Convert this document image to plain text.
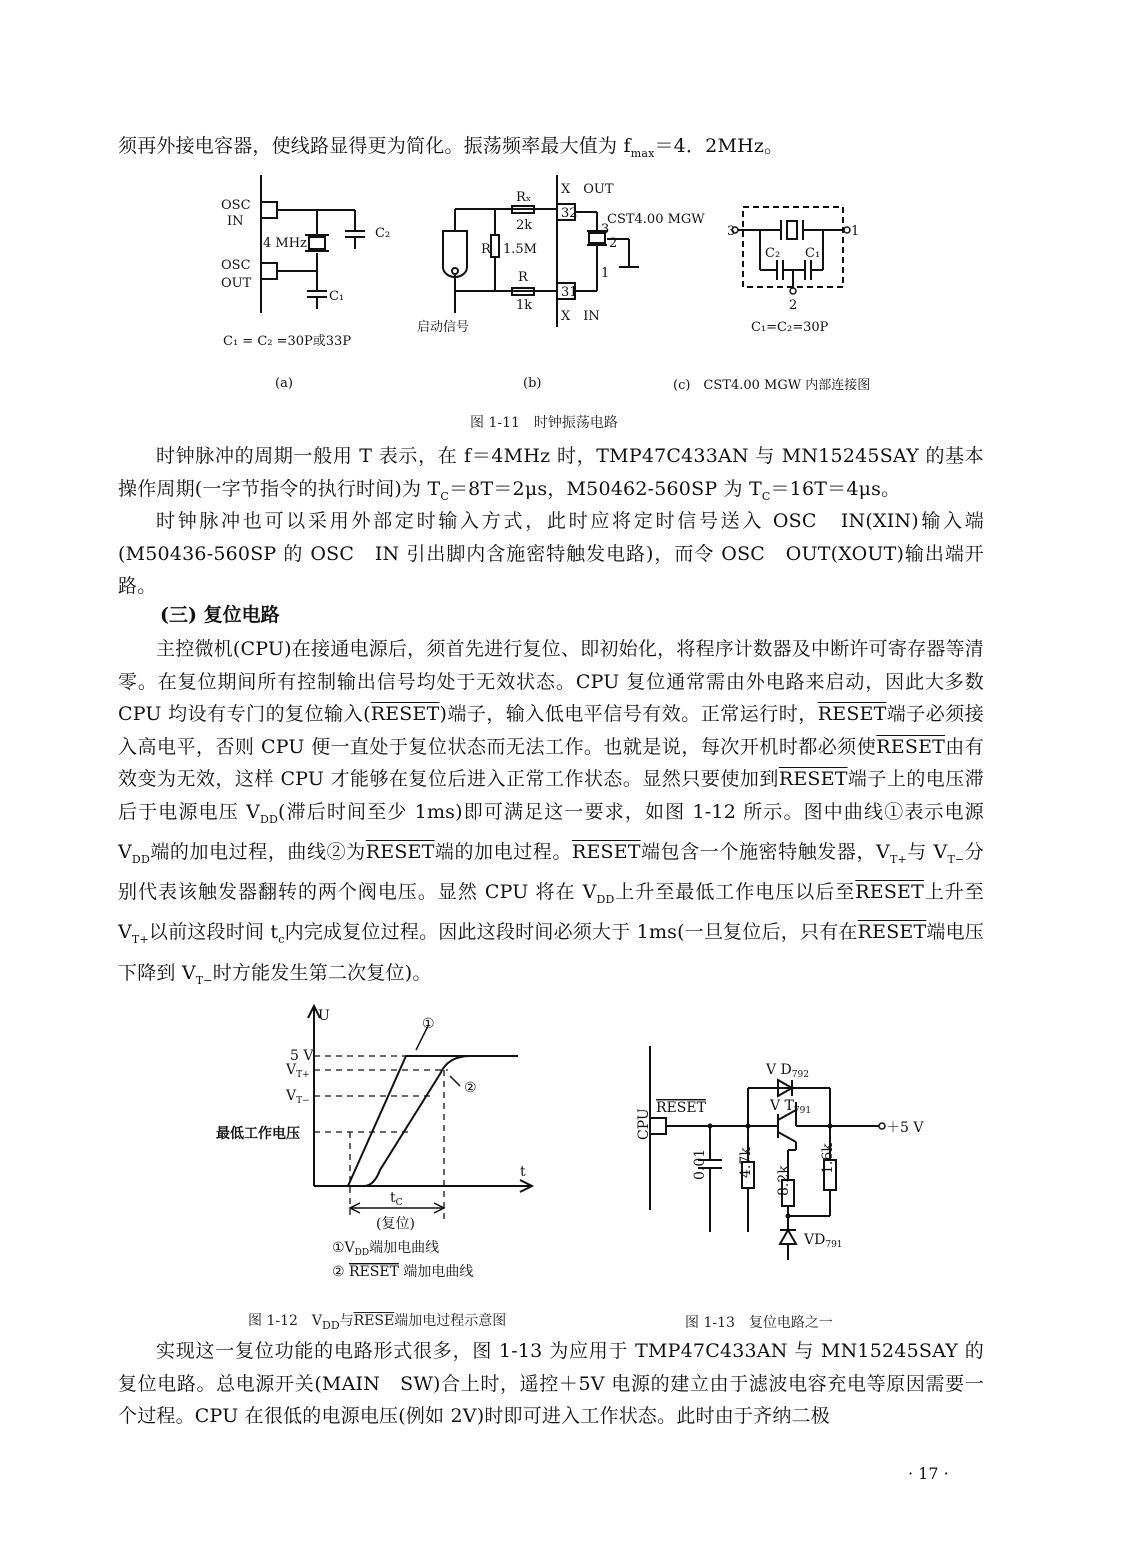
须再外接电容器，使线路显得更为简化。振荡频率最大值为 $f_{max}=4$．2MHz。

OSC
IN
OSC
OUT
4 MHz
C₂
C₁
C₁ = C₂ =30P或33P
(a)
X　OUT
X　IN
32
31
Rₓ
2k
R
1k
R 1.5M
CST4.00 MGW
3
2
1
启动信号
(b)
3	1
2
C₂ C₁
C₁=C₂=30P
(c)　CST4.00 MGW 内部连接图
图 1-11　时钟振荡电路

时钟脉冲的周期一般用 T 表示，在 f＝4MHz 时，TMP47C433AN 与 MN15245SAY 的基本操作周期(一字节指令的执行时间)为 $T_C=8T=2\mu s$，M50462-560SP 为 $T_C=16T=4\mu s$。

时钟脉冲也可以采用外部定时输入方式，此时应将定时信号送入 OSC　IN(XIN)输入端(M50436-560SP 的 OSC　IN 引出脚内含施密特触发电路)，而令 OSC　OUT(XOUT)输出端开路。

(三) 复位电路

主控微机(CPU)在接通电源后，须首先进行复位、即初始化，将程序计数器及中断许可寄存器等清零。在复位期间所有控制输出信号均处于无效状态。CPU 复位通常需由外电路来启动，因此大多数 CPU 均设有专门的复位输入(RESET)端子，输入低电平信号有效。正常运行时，RESET端子必须接入高电平，否则 CPU 便一直处于复位状态而无法工作。也就是说，每次开机时都必须使RESET由有效变为无效，这样 CPU 才能够在复位后进入正常工作状态。显然只要使加到RESET端子上的电压滞后于电源电压 $V_{DD}$(滞后时间至少 1ms)即可满足这一要求，如图 1-12 所示。图中曲线①表示电源 $V_{DD}$端的加电过程，曲线②为RESET端的加电过程。RESET端包含一个施密特触发器，$V_{T+}$与 $V_{T-}$分别代表该触发器翻转的两个阀电压。显然 CPU 将在 $V_{DD}$上升至最低工作电压以后至RESET上升至 $V_{T+}$以前这段时间 $t_c$内完成复位过程。因此这段时间必须大于 1ms(一旦复位后，只有在RESET端电压下降到 $V_{T-}$时方能发生第二次复位)。

U
t
5 V
$V_{T+}$
$V_{T-}$
最低工作电压
①
②
$t_C$
(复位)
$①V_{DD}$端加电曲线
② RESET 端加电曲线
图 1-12　$V_{DD}$与RESE端加电过程示意图
CPU
RESET
V $D_{792}$
V $T_{791}$
＋5 V
0.01 4.7k
8.2k
1.6k
$VD_{791}$
图 1-13　复位电路之一

实现这一复位功能的电路形式很多，图 1-13 为应用于 TMP47C433AN 与 MN15245SAY 的复位电路。总电源开关(MAIN　SW)合上时，遥控＋5V 电源的建立由于滤波电容充电等原因需要一个过程。CPU 在很低的电源电压(例如 2V)时即可进入工作状态。此时由于齐纳二极

· 17 ·
